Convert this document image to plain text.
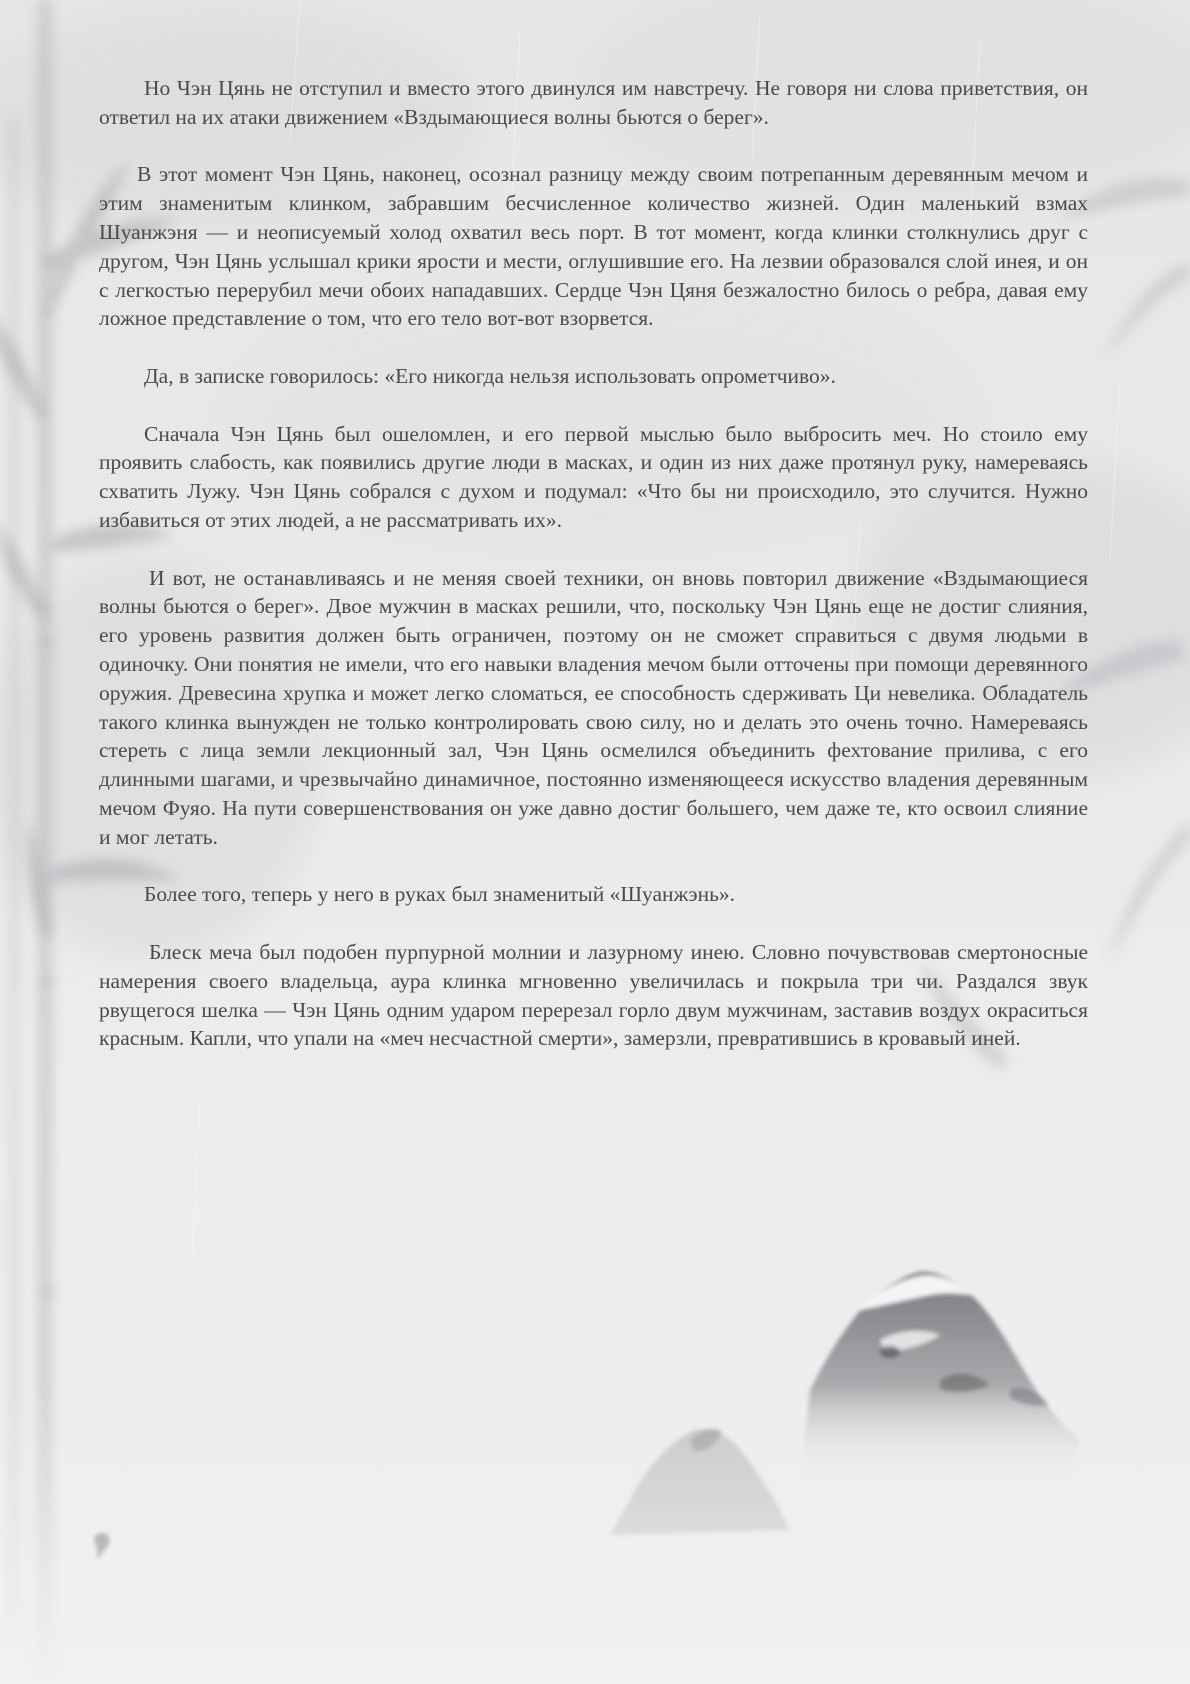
Но Чэн Цянь не отступил и вместо этого двинулся им навстречу. Не говоря ни слова приветствия, он ответил на их атаки движением «Вздымающиеся волны бьются о берег».

В этот момент Чэн Цянь, наконец, осознал разницу между своим потрепанным деревянным мечом и этим знаменитым клинком, забравшим бесчисленное количество жизней. Один маленький взмах Шуанжэня — и неописуемый холод охватил весь порт. В тот момент, когда клинки столкнулись друг с другом, Чэн Цянь услышал крики ярости и мести, оглушившие его. На лезвии образовался слой инея, и он с легкостью перерубил мечи обоих нападавших. Сердце Чэн Цяня безжалостно билось о ребра, давая ему ложное представление о том, что его тело вот-вот взорвется.

Да, в записке говорилось: «Его никогда нельзя использовать опрометчиво».

Сначала Чэн Цянь был ошеломлен, и его первой мыслью было выбросить меч. Но стоило ему проявить слабость, как появились другие люди в масках, и один из них даже протянул руку, намереваясь схватить Лужу. Чэн Цянь собрался с духом и подумал: «Что бы ни происходило, это случится. Нужно избавиться от этих людей, а не рассматривать их».

И вот, не останавливаясь и не меняя своей техники, он вновь повторил движение «Вздымающиеся волны бьются о берег». Двое мужчин в масках решили, что, поскольку Чэн Цянь еще не достиг слияния, его уровень развития должен быть ограничен, поэтому он не сможет справиться с двумя людьми в одиночку. Они понятия не имели, что его навыки владения мечом были отточены при помощи деревянного оружия. Древесина хрупка и может легко сломаться, ее способность сдерживать Ци невелика. Обладатель такого клинка вынужден не только контролировать свою силу, но и делать это очень точно. Намереваясь стереть с лица земли лекционный зал, Чэн Цянь осмелился объединить фехтование прилива, с его длинными шагами, и чрезвычайно динамичное, постоянно изменяющееся искусство владения деревянным мечом Фуяо. На пути совершенствования он уже давно достиг большего, чем даже те, кто освоил слияние и мог летать.

Более того, теперь у него в руках был знаменитый «Шуанжэнь».

Блеск меча был подобен пурпурной молнии и лазурному инею. Словно почувствовав смертоносные намерения своего владельца, аура клинка мгновенно увеличилась и покрыла три чи. Раздался звук рвущегося шелка — Чэн Цянь одним ударом перерезал горло двум мужчинам, заставив воздух окраситься красным. Капли, что упали на «меч несчастной смерти», замерзли, превратившись в кровавый иней.
